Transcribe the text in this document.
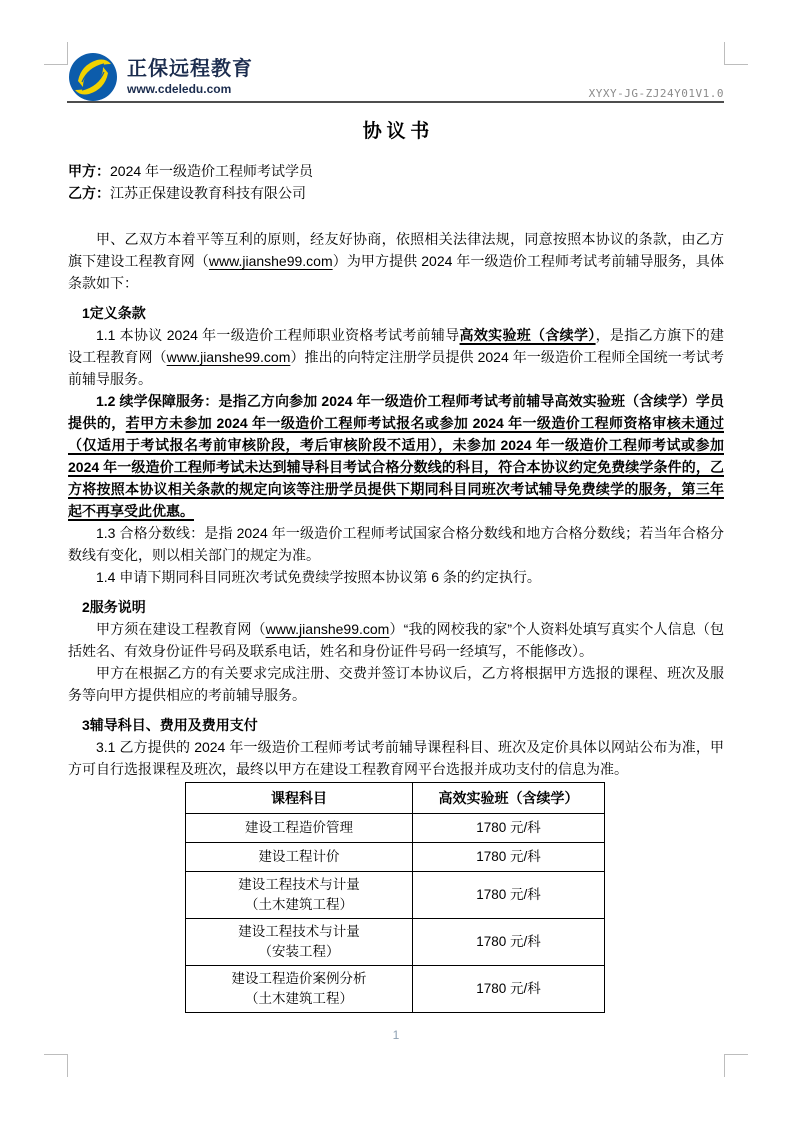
正保远程教育
www.cdeledu.com	XYXY-JG-ZJ24Y01V1.0
协 议 书
甲方：2024 年一级造价工程师考试学员
乙方：江苏正保建设教育科技有限公司

甲、乙双方本着平等互利的原则，经友好协商，依照相关法律法规，同意按照本协议的条款，由乙方旗下建设工程教育网（www.jianshe99.com）为甲方提供 2024 年一级造价工程师考试考前辅导服务，具体条款如下：

1定义条款

1.1 本协议 2024 年一级造价工程师职业资格考试考前辅导高效实验班（含续学），是指乙方旗下的建设工程教育网（www.jianshe99.com）推出的向特定注册学员提供 2024 年一级造价工程师全国统一考试考前辅导服务。

1.2 续学保障服务：是指乙方向参加 2024 年一级造价工程师考试考前辅导高效实验班（含续学）学员提供的，若甲方未参加 2024 年一级造价工程师考试报名或参加 2024 年一级造价工程师资格审核未通过（仅适用于考试报名考前审核阶段，考后审核阶段不适用），未参加 2024 年一级造价工程师考试或参加 2024 年一级造价工程师考试未达到辅导科目考试合格分数线的科目，符合本协议约定免费续学条件的，乙方将按照本协议相关条款的规定向该等注册学员提供下期同科目同班次考试辅导免费续学的服务，第三年起不再享受此优惠。

1.3 合格分数线：是指 2024 年一级造价工程师考试国家合格分数线和地方合格分数线；若当年合格分数线有变化，则以相关部门的规定为准。

1.4 申请下期同科目同班次考试免费续学按照本协议第 6 条的约定执行。

2服务说明

甲方须在建设工程教育网（www.jianshe99.com）“我的网校我的家”个人资料处填写真实个人信息（包括姓名、有效身份证件号码及联系电话，姓名和身份证件号码一经填写，不能修改）。

甲方在根据乙方的有关要求完成注册、交费并签订本协议后，乙方将根据甲方选报的课程、班次及服务等向甲方提供相应的考前辅导服务。

3辅导科目、费用及费用支付

3.1 乙方提供的 2024 年一级造价工程师考试考前辅导课程科目、班次及定价具体以网站公布为准，甲方可自行选报课程及班次，最终以甲方在建设工程教育网平台选报并成功支付的信息为准。

课程科目	高效实验班（含续学）

建设工程造价管理	1780 元/科

建设工程计价	1780 元/科

建设工程技术与计量
（土木建筑工程）	1780 元/科

建设工程技术与计量
（安装工程）	1780 元/科

建设工程造价案例分析
（土木建筑工程）	1780 元/科
1
